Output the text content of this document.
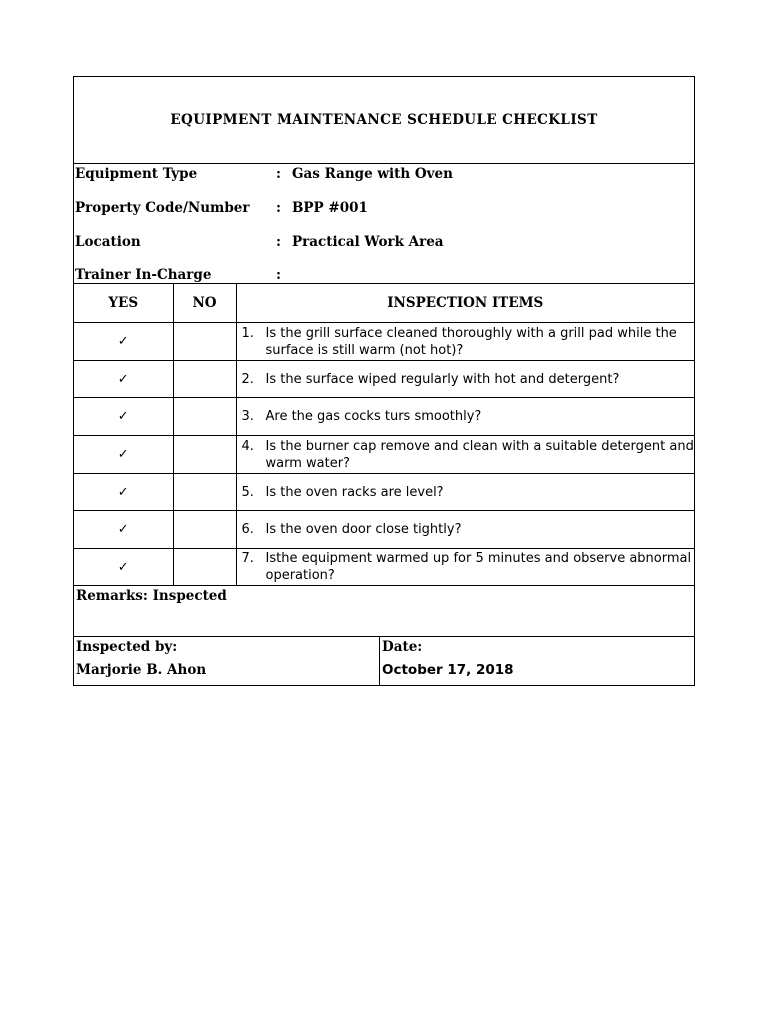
EQUIPMENT MAINTENANCE SCHEDULE CHECKLIST
Equipment Type	: Gas Range with Oven
Property Code/Number : BPP #001
Location	: Practical Work Area
Trainer In-Charge	:
YES	NO	INSPECTION ITEMS
✓		1. Is the grill surface cleaned thoroughly with a grill pad while the surface is still warm (not hot)?

✓		2. Is the surface wiped regularly with hot and detergent?

✓		3. Are the gas cocks turs smoothly?

✓		4. Is the burner cap remove and clean with a suitable detergent and warm water?

✓		5. Is the oven racks are level?

✓		6. Is the oven door close tightly?

✓		7. Isthe equipment warmed up for 5 minutes and observe abnormal operation?
Remarks: Inspected
Inspected by:
Marjorie B. Ahon
Date:
October 17, 2018
